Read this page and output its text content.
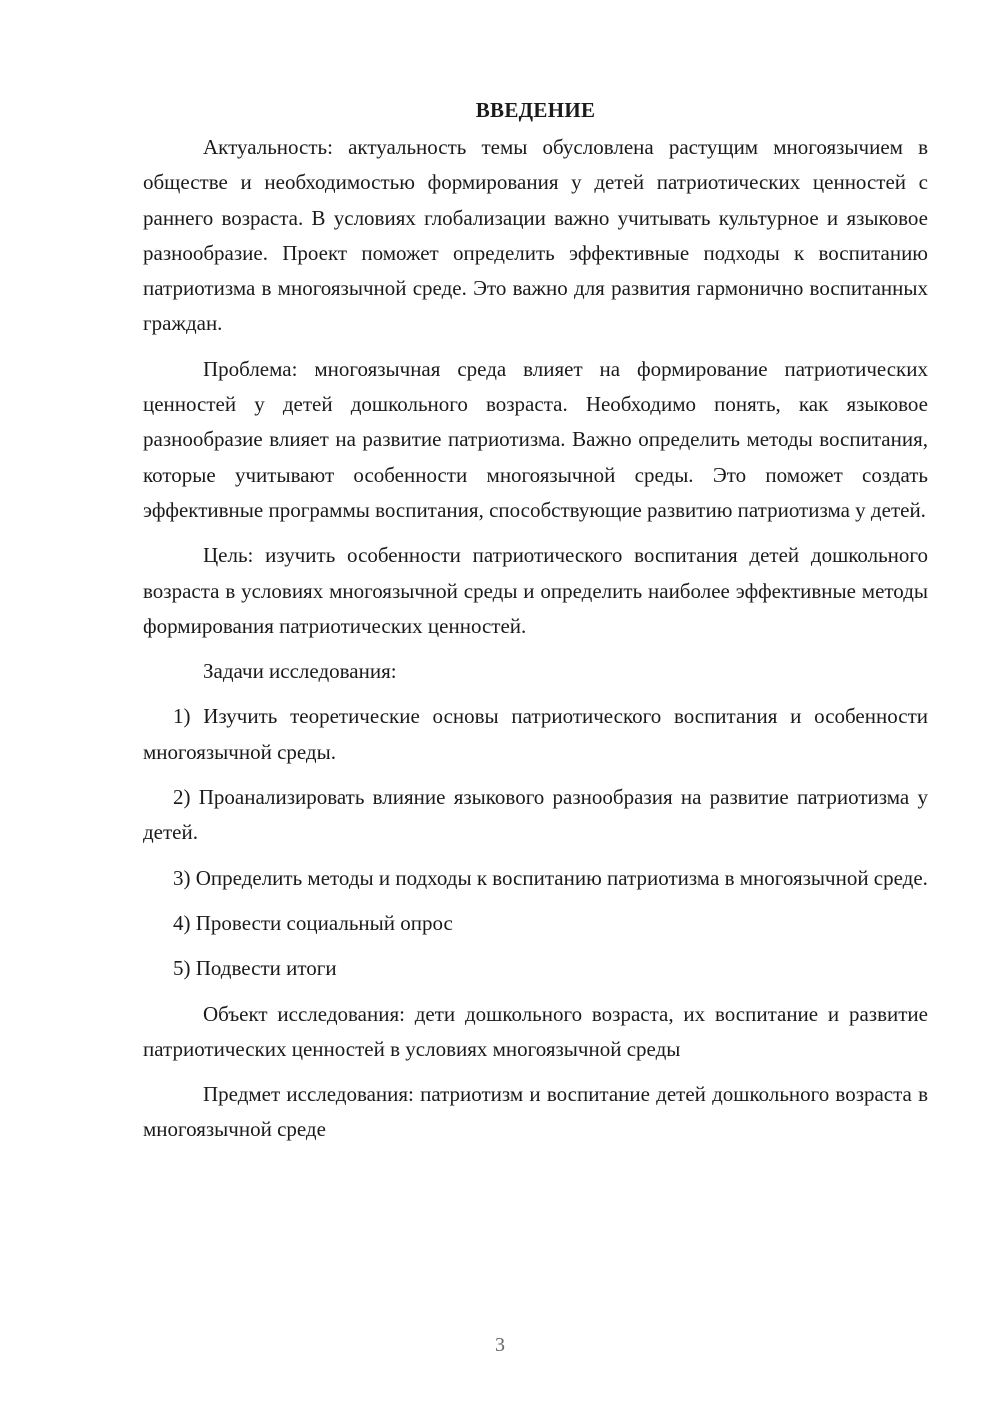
ВВЕДЕНИЕ

Актуальность: актуальность темы обусловлена растущим многоязычием в обществе и необходимостью формирования у детей патриотических ценностей с раннего возраста. В условиях глобализации важно учитывать культурное и языковое разнообразие. Проект поможет определить эффективные подходы к воспитанию патриотизма в многоязычной среде. Это важно для развития гармонично воспитанных граждан.

Проблема: многоязычная среда влияет на формирование патриотических ценностей у детей дошкольного возраста. Необходимо понять, как языковое разнообразие влияет на развитие патриотизма. Важно определить методы воспитания, которые учитывают особенности многоязычной среды. Это поможет создать эффективные программы воспитания, способствующие развитию патриотизма у детей.

Цель: изучить особенности патриотического воспитания детей дошкольного возраста в условиях многоязычной среды и определить наиболее эффективные методы формирования патриотических ценностей.

Задачи исследования:

1) Изучить теоретические основы патриотического воспитания и особенности многоязычной среды.

2) Проанализировать влияние языкового разнообразия на развитие патриотизма у детей.

3) Определить методы и подходы к воспитанию патриотизма в многоязычной среде.

4) Провести социальный опрос

5) Подвести итоги

Объект исследования: дети дошкольного возраста, их воспитание и развитие патриотических ценностей в условиях многоязычной среды

Предмет исследования: патриотизм и воспитание детей дошкольного возраста в многоязычной среде

3
